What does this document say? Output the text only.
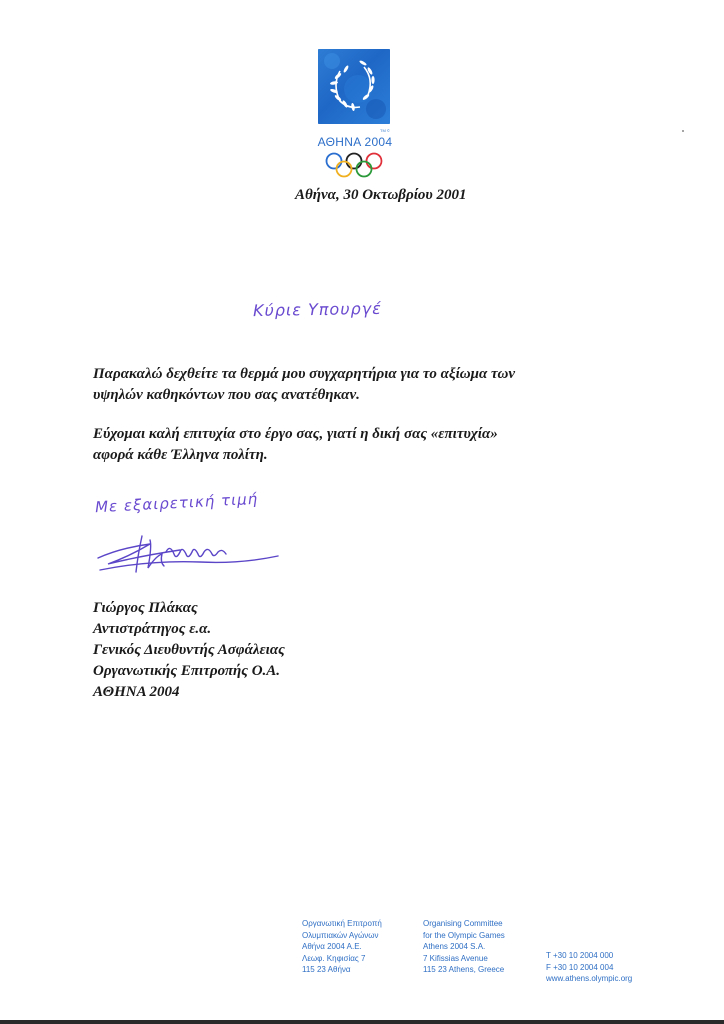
TM ©
ΑΘΗΝΑ 2004
Αθήνα, 30 Οκτωβρίου 2001
Κύριε Υπουργέ
Παρακαλώ δεχθείτε τα θερμά μου συγχαρητήρια για το αξίωμα των
υψηλών καθηκόντων που σας ανατέθηκαν.
Εύχομαι καλή επιτυχία στο έργο σας, γιατί η δική σας «επιτυχία»
αφορά κάθε Έλληνα πολίτη.
Με εξαιρετική τιμή
Γιώργος Πλάκας
Αντιστράτηγος ε.α.
Γενικός Διευθυντής Ασφάλειας
Οργανωτικής Επιτροπής Ο.Α.
ΑΘΗΝΑ 2004
Οργανωτική Επιτροπή
Ολυμπιακών Αγώνων
Αθήνα 2004 Α.Ε.
Λεωφ. Κηφισίας 7
115 23 Αθήνα
Organising Committee
for the Olympic Games
Athens 2004 S.A.
7 Kifissias Avenue
115 23 Athens, Greece
T +30 10 2004 000
F +30 10 2004 004
www.athens.olympic.org
